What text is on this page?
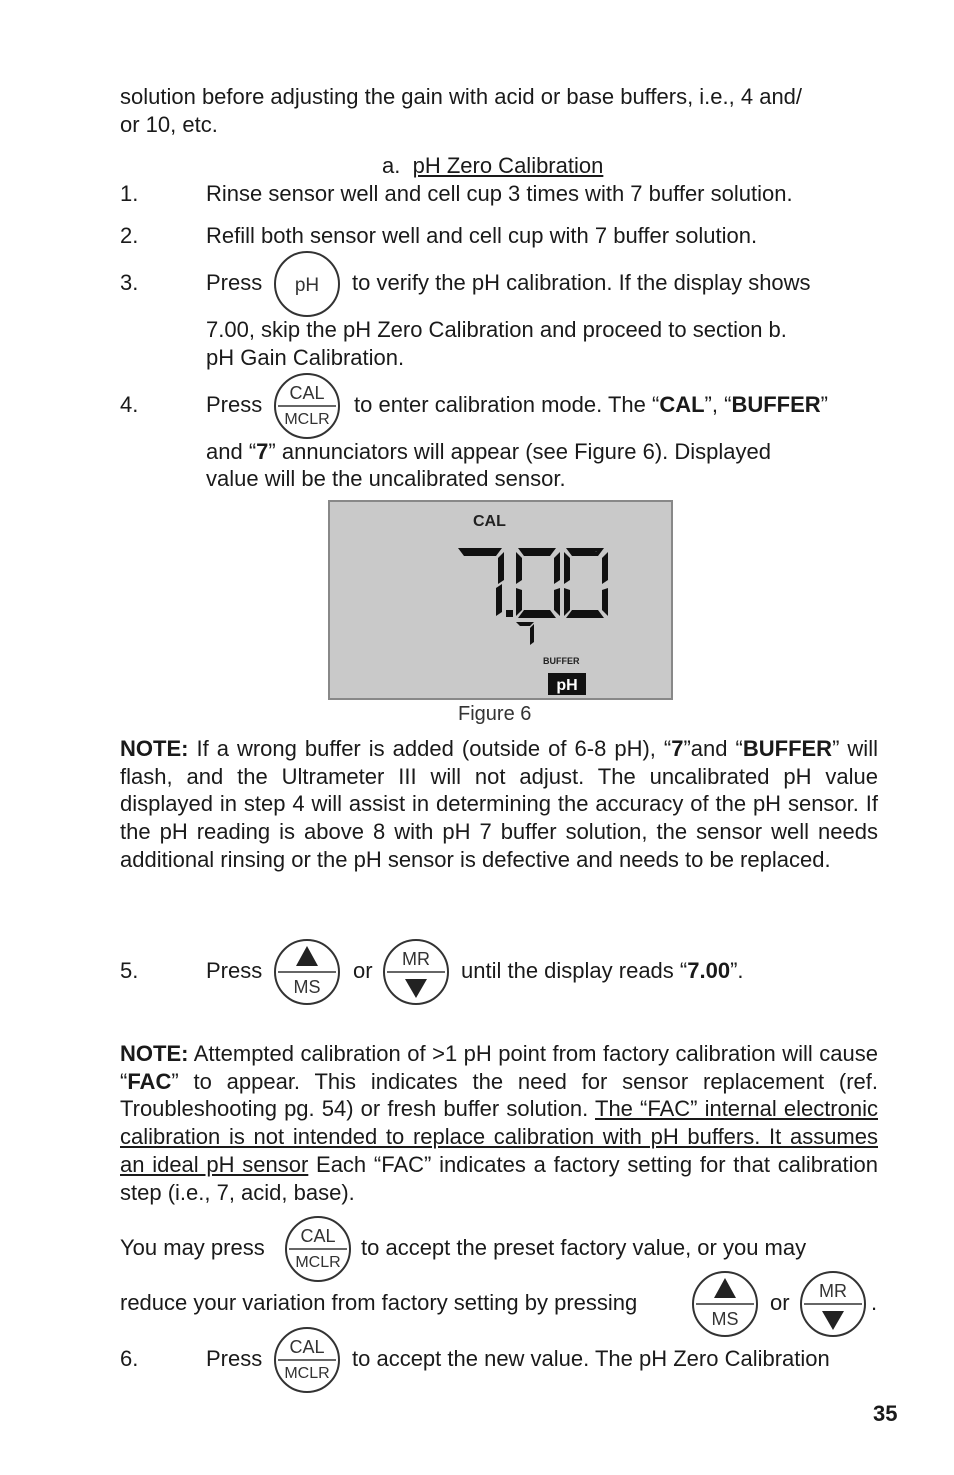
solution before adjusting the gain with acid or base buffers, i.e., 4 and/
or 10, etc.
a. pH Zero Calibration
1.	Rinse sensor well and cell cup 3 times with 7 buffer solution.
2.	Refill both sensor well and cell cup with 7 buffer solution.
3.	Press pH to verify the pH calibration. If the display shows
7.00, skip the pH Zero Calibration and proceed to section b.
pH Gain Calibration.
4.	Press CAL
MCLR
to enter calibration mode. The “CAL”, “BUFFER”
and “7” annunciators will appear (see Figure 6). Displayed
value will be the uncalibrated sensor.
CAL
7.00
7
BUFFER
pH
Figure 6
NOTE: If a wrong buffer is added (outside of 6-8 pH), “7”and “BUFFER” will flash, and the Ultrameter III will not adjust. The uncalibrated pH value displayed in step 4 will assist in determining the accuracy of the pH sensor. If the pH reading is above 8 with pH 7 buffer solution, the sensor well needs additional rinsing or the pH sensor is defective and needs to be replaced.
5.	Press
MS
or MR until the display reads “7.00”.
NOTE: Attempted calibration of >1 pH point from factory calibration will cause “FAC” to appear. This indicates the need for sensor replacement (ref. Troubleshooting pg. 54) or fresh buffer solution. The “FAC” internal electronic calibration is not intended to replace calibration with pH buffers. It assumes an ideal pH sensor Each “FAC” indicates a factory setting for that calibration step (i.e., 7, acid, base).
You may press CAL
MCLR
to accept the preset factory value, or you may
reduce your variation from factory setting by pressing
MS
or MR .
6.	Press CAL
MCLR
to accept the new value. The pH Zero Calibration
35
